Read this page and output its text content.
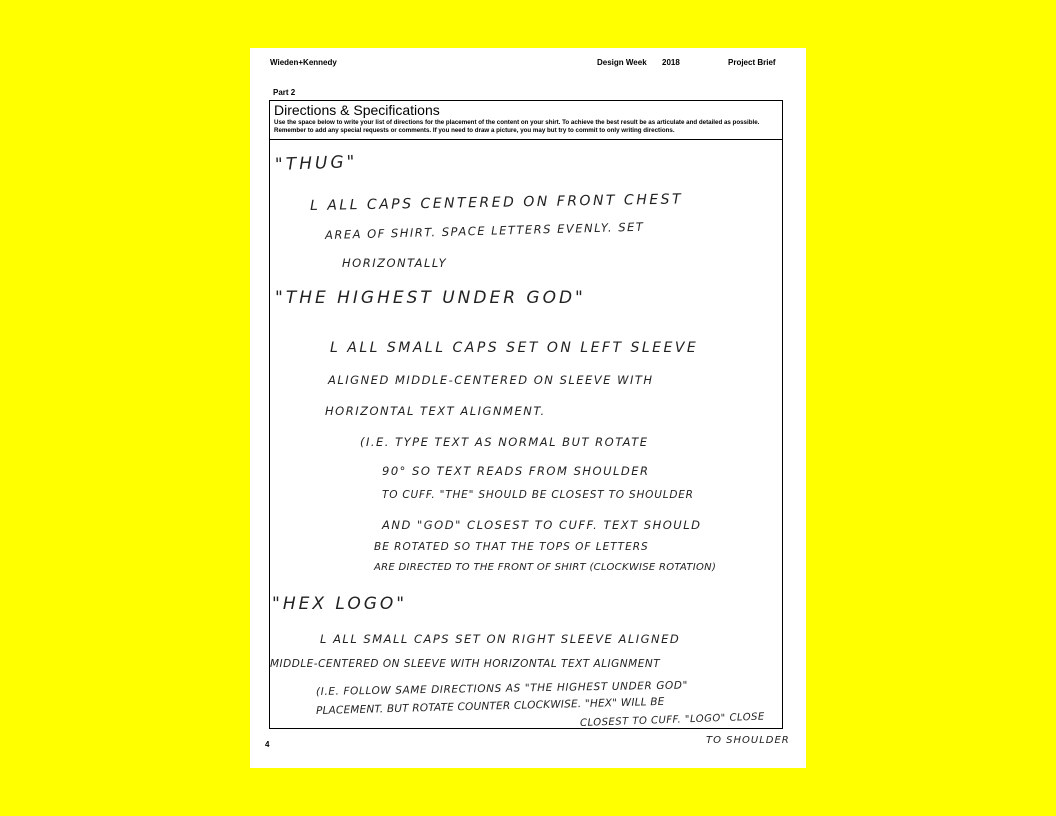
Wieden+Kennedy	Design Week 2018	Project Brief
Part 2
Directions & Specifications
Use the space below to write your list of directions for the placement of the content on your shirt. To achieve the best result be as articulate and detailed as possible. Remember to add any special requests or comments. If you need to draw a picture, you may but try to commit to only writing directions.
4
"THUG"
L ALL CAPS CENTERED ON FRONT CHEST
AREA OF SHIRT. SPACE LETTERS EVENLY. SET
HORIZONTALLY
"THE HIGHEST UNDER GOD"
L ALL SMALL CAPS SET ON LEFT SLEEVE
ALIGNED MIDDLE-CENTERED ON SLEEVE WITH
HORIZONTAL TEXT ALIGNMENT.
(I.E. TYPE TEXT AS NORMAL BUT ROTATE
90° SO TEXT READS FROM SHOULDER
TO CUFF. "THE" SHOULD BE CLOSEST TO SHOULDER
AND "GOD" CLOSEST TO CUFF. TEXT SHOULD
BE ROTATED SO THAT THE TOPS OF LETTERS
ARE DIRECTED TO THE FRONT OF SHIRT (CLOCKWISE ROTATION)
"HEX LOGO"
L ALL SMALL CAPS SET ON RIGHT SLEEVE ALIGNED
MIDDLE-CENTERED ON SLEEVE WITH HORIZONTAL TEXT ALIGNMENT
(I.E. FOLLOW SAME DIRECTIONS AS "THE HIGHEST UNDER GOD"
PLACEMENT. BUT ROTATE COUNTER CLOCKWISE. "HEX" WILL BE
CLOSEST TO CUFF. "LOGO" CLOSE
TO SHOULDER
